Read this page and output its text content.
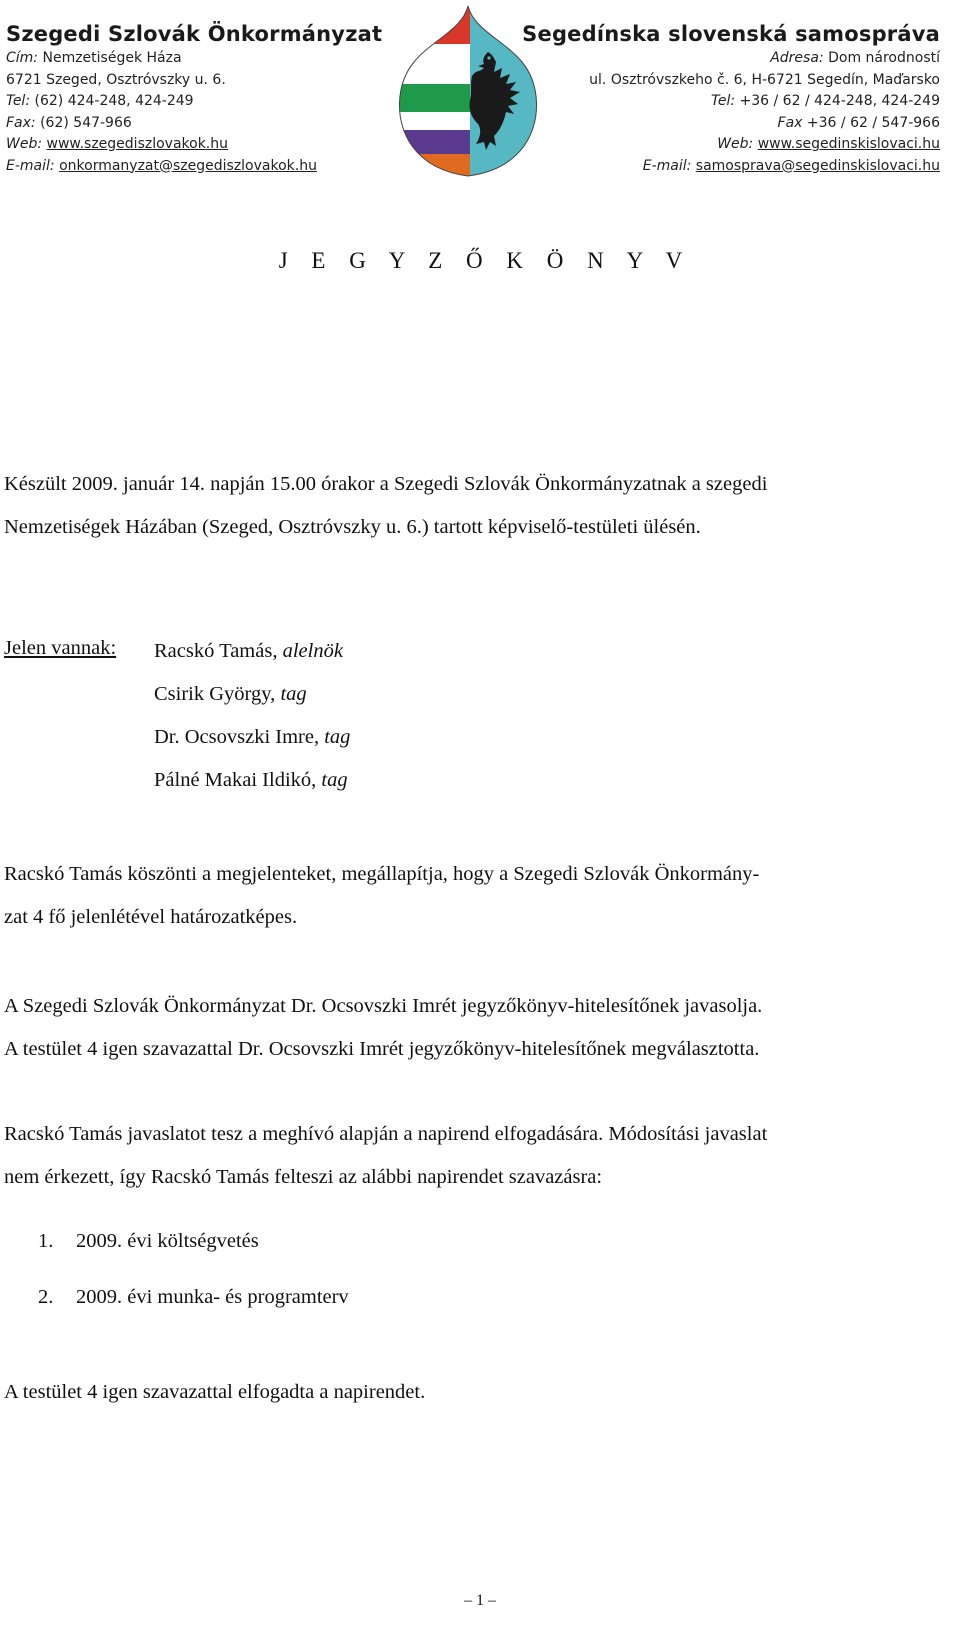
Szegedi Szlovák Önkormányzat
Cím: Nemzetiségek Háza
6721 Szeged, Osztróvszky u. 6.
Tel: (62) 424-248, 424-249
Fax: (62) 547-966
Web: www.szegediszlovakok.hu
E-mail: onkormanyzat@szegediszlovakok.hu
Segedínska slovenská samospráva
Adresa: Dom národností
ul. Osztróvszkeho č. 6, H-6721 Segedín, Maďarsko
Tel: +36 / 62 / 424-248, 424-249
Fax +36 / 62 / 547-966
Web: www.segedinskislovaci.hu
E-mail: samosprava@segedinskislovaci.hu
J E G Y Z Ő K Ö N Y V
Készült 2009. január 14. napján 15.00 órakor a Szegedi Szlovák Önkormányzatnak a szegedi
Nemzetiségek Házában (Szeged, Osztróvszky u. 6.) tartott képviselő-testületi ülésén.
Jelen vannak: Racskó Tamás, alelnök
Csirik György, tag
Dr. Ocsovszki Imre, tag
Pálné Makai Ildikó, tag
Racskó Tamás köszönti a megjelenteket, megállapítja, hogy a Szegedi Szlovák Önkormány-
zat 4 fő jelenlétével határozatképes.
A Szegedi Szlovák Önkormányzat Dr. Ocsovszki Imrét jegyzőkönyv-hitelesítőnek javasolja.
A testület 4 igen szavazattal Dr. Ocsovszki Imrét jegyzőkönyv-hitelesítőnek megválasztotta.
Racskó Tamás javaslatot tesz a meghívó alapján a napirend elfogadására. Módosítási javaslat
nem érkezett, így Racskó Tamás felteszi az alábbi napirendet szavazásra:
1. 2009. évi költségvetés
2. 2009. évi munka- és programterv
A testület 4 igen szavazattal elfogadta a napirendet.
– 1 –
